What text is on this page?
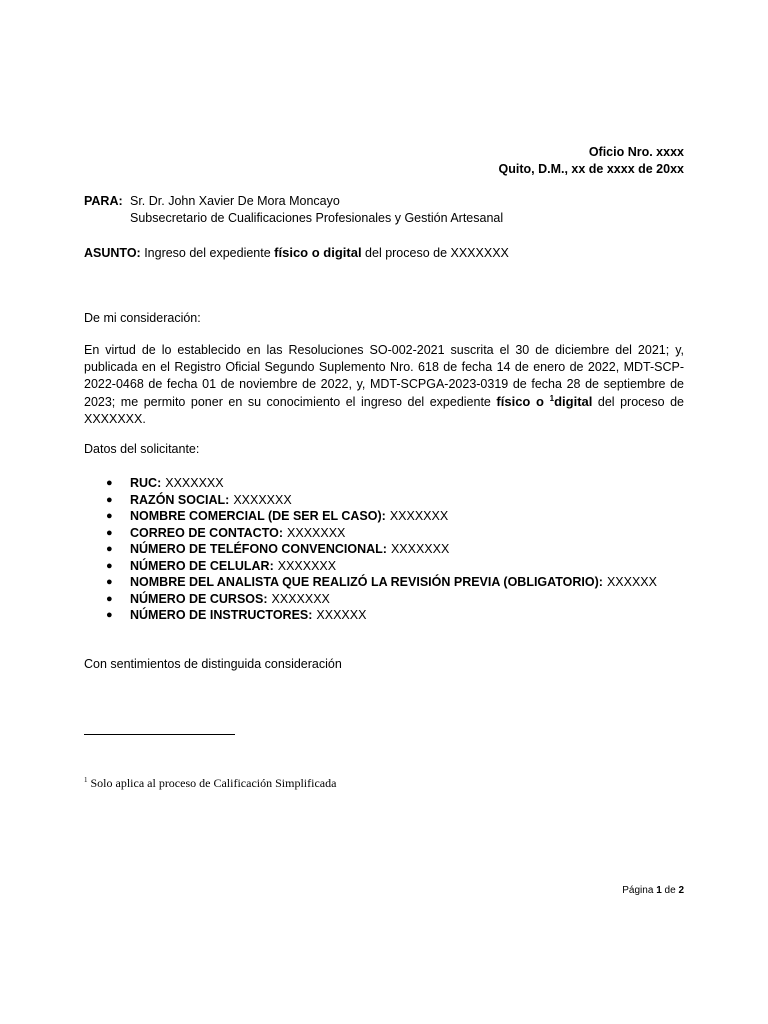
Oficio Nro. xxxx
Quito, D.M., xx de xxxx de 20xx
PARA: Sr. Dr. John Xavier De Mora Moncayo
Subsecretario de Cualificaciones Profesionales y Gestión Artesanal
ASUNTO: Ingreso del expediente físico o digital del proceso de XXXXXXX
De mi consideración:
En virtud de lo establecido en las Resoluciones SO-002-2021 suscrita el 30 de diciembre del 2021; y, publicada en el Registro Oficial Segundo Suplemento Nro. 618 de fecha 14 de enero de 2022, MDT-SCP-2022-0468 de fecha 01 de noviembre de 2022, y, MDT-SCPGA-2023-0319 de fecha 28 de septiembre de 2023; me permito poner en su conocimiento el ingreso del expediente físico o $^1$digital del proceso de XXXXXXX.
Datos del solicitante:
●	RUC: XXXXXXX
●	RAZÓN SOCIAL: XXXXXXX
●	NOMBRE COMERCIAL (DE SER EL CASO): XXXXXXX
●	CORREO DE CONTACTO: XXXXXXX
●	NÚMERO DE TELÉFONO CONVENCIONAL: XXXXXXX
●	NÚMERO DE CELULAR: XXXXXXX
●	NOMBRE DEL ANALISTA QUE REALIZÓ LA REVISIÓN PREVIA (OBLIGATORIO): XXXXXX
●	NÚMERO DE CURSOS: XXXXXXX
●	NÚMERO DE INSTRUCTORES: XXXXXX
Con sentimientos de distinguida consideración
$^1$ Solo aplica al proceso de Calificación Simplificada
Página 1 de 2
